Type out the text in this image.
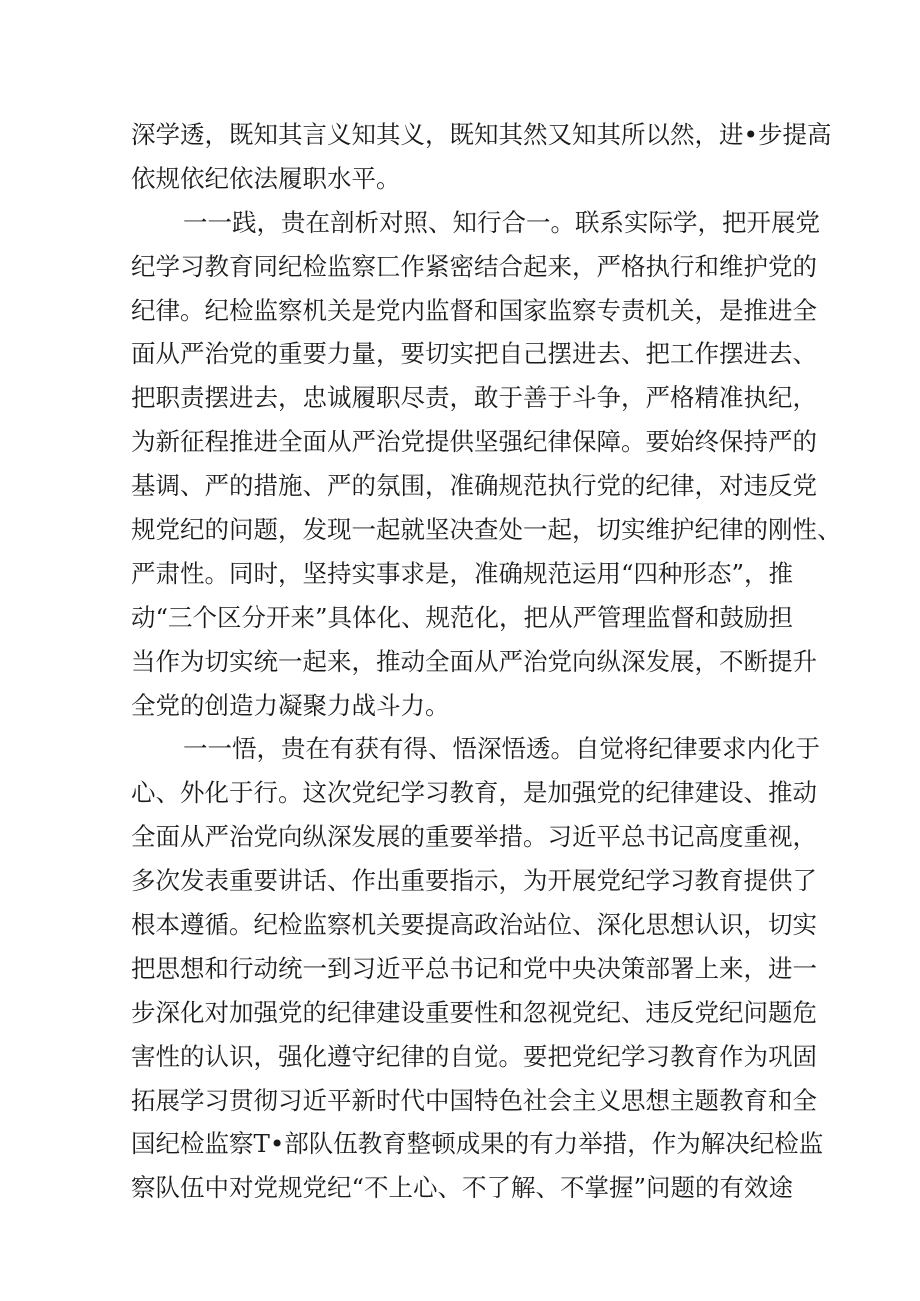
深学透，既知其言义知其义，既知其然又知其所以然，进•步提高
依规依纪依法履职水平。
一一践，贵在剖析对照、知行合一。联系实际学，把开展党
纪学习教育同纪检监察匸作紧密结合起来，严格执行和维护党的
纪律。纪检监察机关是党内监督和国家监察专责机关，是推进全
面从严治党的重要力量，要切实把自己摆进去、把工作摆进去、
把职责摆进去，忠诚履职尽责，敢于善于斗争，严格精准执纪，
为新征程推进全面从严治党提供坚强纪律保障。要始终保持严的
基调、严的措施、严的氛围，准确规范执行党的纪律，对违反党
规党纪的问题，发现一起就坚决查处一起，切实维护纪律的刚性、
严肃性。同时，坚持实事求是，准确规范运用“四种形态”，推
动“三个区分开来”具体化、规范化，把从严管理监督和鼓励担
当作为切实统一起来，推动全面从严治党向纵深发展，不断提升
全党的创造力凝聚力战斗力。
一一悟，贵在有获有得、悟深悟透。自觉将纪律要求内化于
心、外化于行。这次党纪学习教育，是加强党的纪律建设、推动
全面从严治党向纵深发展的重要举措。习近平总书记高度重视，
多次发表重要讲话、作出重要指示，为开展党纪学习教育提供了
根本遵循。纪检监察机关要提高政治站位、深化思想认识，切实
把思想和行动统一到习近平总书记和党中央决策部署上来，进一
步深化对加强党的纪律建设重要性和忽视党纪、违反党纪问题危
害性的认识，强化遵守纪律的自觉。要把党纪学习教育作为巩固
拓展学习贯彻习近平新时代中国特色社会主义思想主题教育和全
国纪检监察T•部队伍教育整顿成果的有力举措，作为解决纪检监
察队伍中对党规党纪“不上心、不了解、不掌握”问题的有效途
